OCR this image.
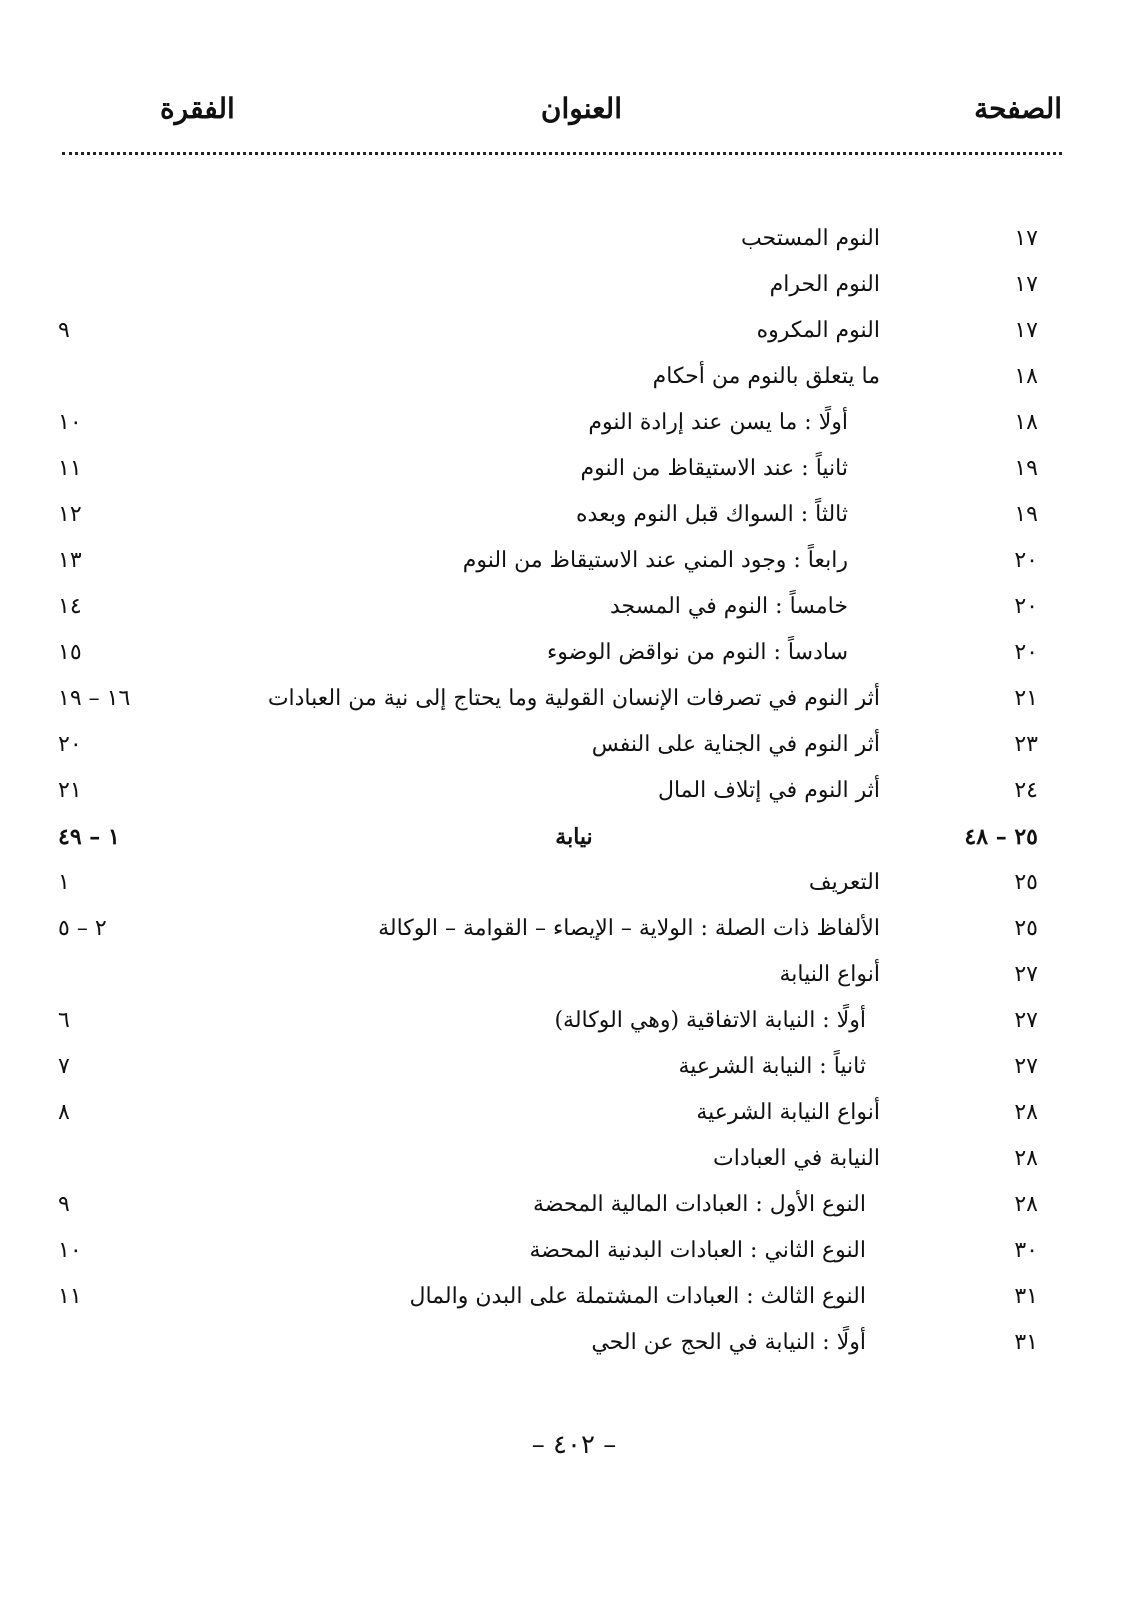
الصفحة
العنوان
الفقرة
١٧
النوم المستحب
١٧
النوم الحرام
١٧
النوم المكروه
٩
١٨
ما يتعلق بالنوم من أحكام
١٨
أولًا : ما يسن عند إرادة النوم
١٠
١٩
ثانياً : عند الاستيقاظ من النوم
١١
١٩
ثالثاً : السواك قبل النوم وبعده
١٢
٢٠
رابعاً : وجود المني عند الاستيقاظ من النوم
١٣
٢٠
خامساً : النوم في المسجد
١٤
٢٠
سادساً : النوم من نواقض الوضوء
١٥
٢١
أثر النوم في تصرفات الإنسان القولية وما يحتاج إلى نية من العبادات
١٦ – ١٩
٢٣
أثر النوم في الجناية على النفس
٢٠
٢٤
أثر النوم في إتلاف المال
٢١
٢٥ – ٤٨
نيابة
١ – ٤٩
٢٥
التعريف
١
٢٥
الألفاظ ذات الصلة : الولاية – الإيصاء – القوامة – الوكالة
٢ – ٥
٢٧
أنواع النيابة
٢٧
أولًا : النيابة الاتفاقية (وهي الوكالة)
٦
٢٧
ثانياً : النيابة الشرعية
٧
٢٨
أنواع النيابة الشرعية
٨
٢٨
النيابة في العبادات
٢٨
النوع الأول : العبادات المالية المحضة
٩
٣٠
النوع الثاني : العبادات البدنية المحضة
١٠
٣١
النوع الثالث : العبادات المشتملة على البدن والمال
١١
٣١
أولًا : النيابة في الحج عن الحي
– ٤٠٢ –
